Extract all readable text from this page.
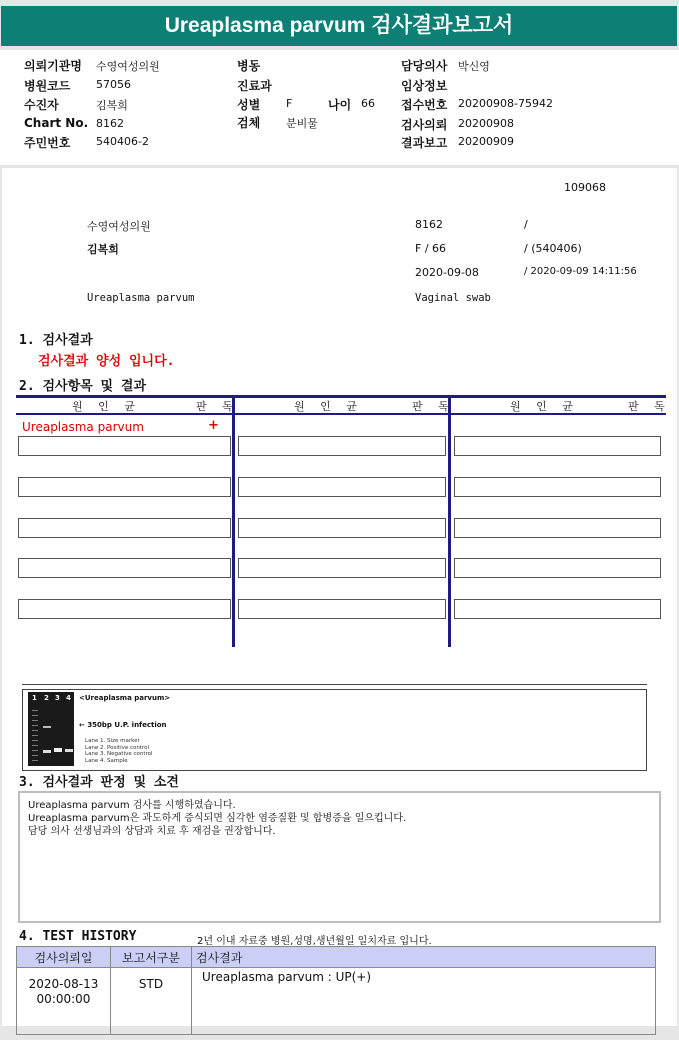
Ureaplasma parvum 검사결과보고서
의뢰기관명 수영여성의원	병동	담당의사 박신영
병원코드 57056	진료과	임상정보
수진자	김복희	성별 F	나이 66 접수번호 20200908-75942
Chart No. 8162	검체 분비물	검사의뢰 20200908
주민번호 540406-2	결과보고 20200909
109068
수영여성의원	8162	/
김복희	F / 66	/ (540406)
2020-09-08	/ 2020-09-09 14:11:56
Ureaplasma parvum	Vaginal swab
1. 검사결과
검사결과 양성 입니다.
2. 검사항목 및 결과
원 인 균	판 독	원 인 균	판 독	원 인 균	판 독
Ureaplasma parvum	+
1 2 3 4 <Ureaplasma parvum>
← 350bp U.P. infection
Lane 1. Size marker
Lane 2. Positive control
Lane 3. Negative control
Lane 4. Sample
3. 검사결과 판정 및 소견
Ureaplasma parvum 검사를 시행하였습니다.
Ureaplasma parvum은 과도하게 증식되면 심각한 염증질환 및 합병증을 일으킵니다.
담당 의사 선생님과의 상담과 치료 후 재검을 권장합니다.
4. TEST HISTORY	2년 이내 자료중 병원,성명,생년월일 일치자료 입니다.
검사의뢰일	보고서구분	검사결과

2020-08-13
00:00:00	STD	Ureaplasma parvum : UP(+)
